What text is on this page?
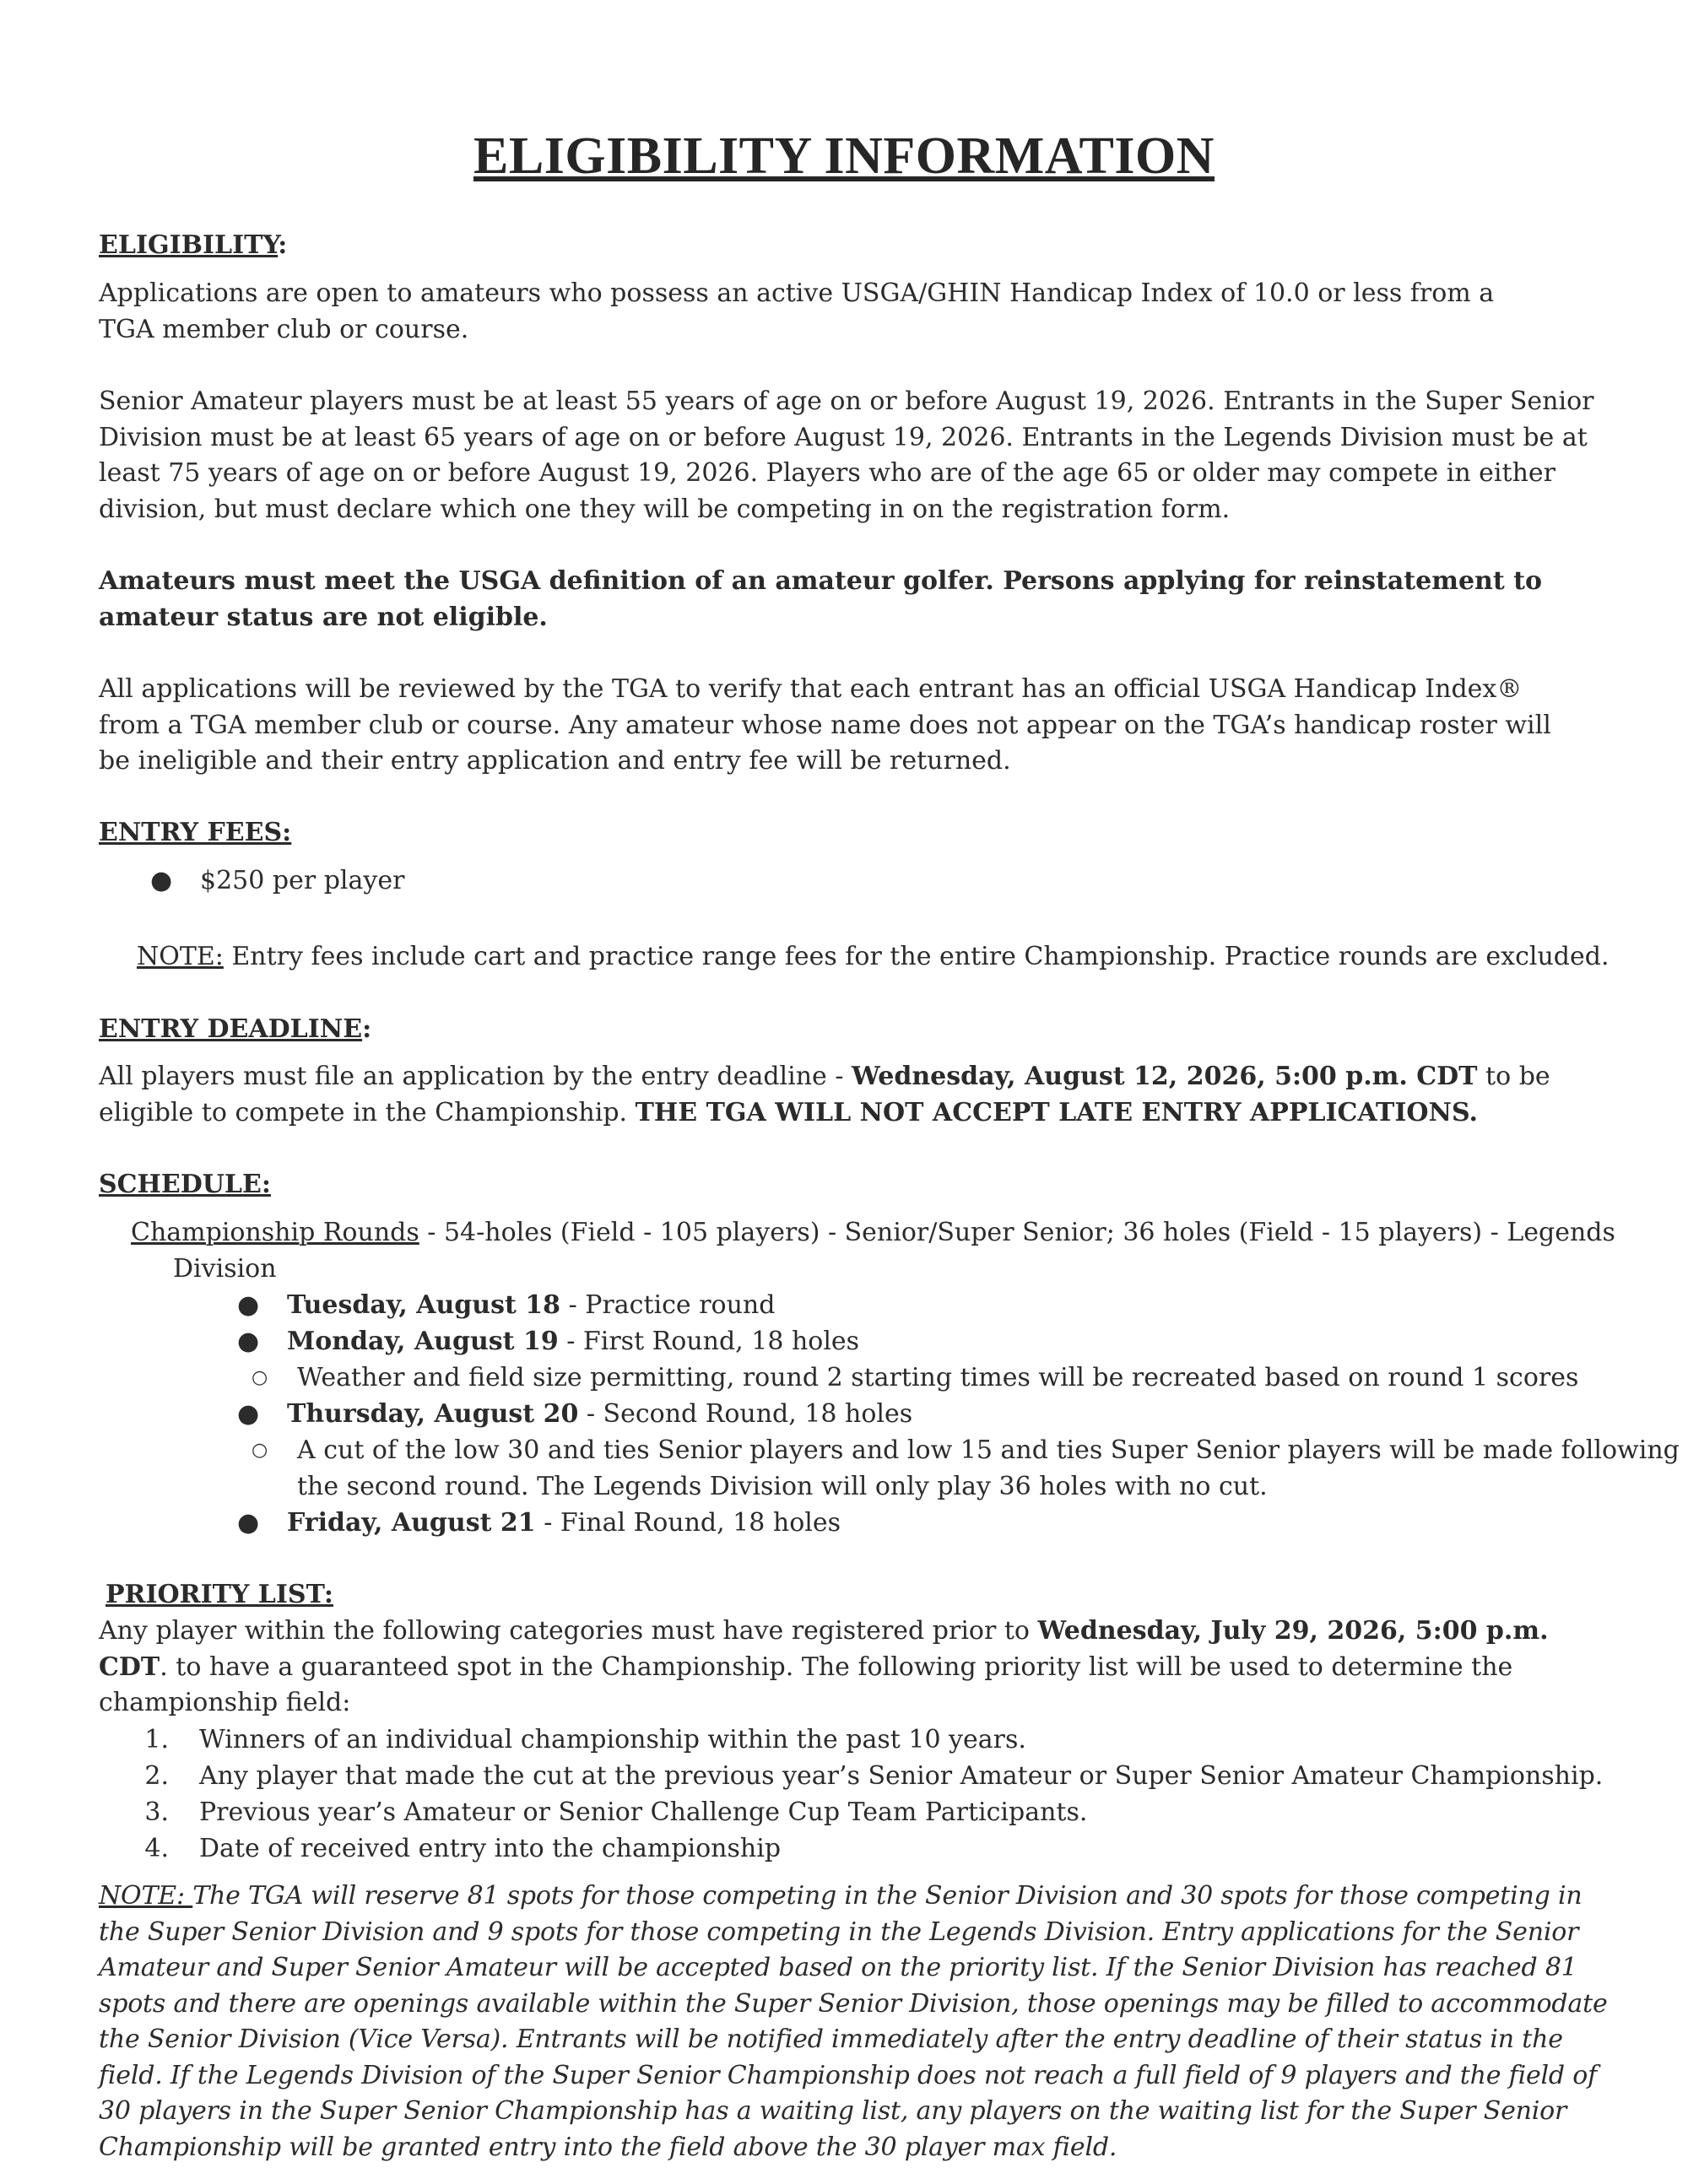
ELIGIBILITY INFORMATION
ELIGIBILITY:
Applications are open to amateurs who possess an active USGA/GHIN Handicap Index of 10.0 or less from a TGA member club or course.
Senior Amateur players must be at least 55 years of age on or before August 19, 2026. Entrants in the Super Senior Division must be at least 65 years of age on or before August 19, 2026. Entrants in the Legends Division must be at least 75 years of age on or before August 19, 2026. Players who are of the age 65 or older may compete in either division, but must declare which one they will be competing in on the registration form.
Amateurs must meet the USGA definition of an amateur golfer. Persons applying for reinstatement to amateur status are not eligible.
All applications will be reviewed by the TGA to verify that each entrant has an official USGA Handicap Index® from a TGA member club or course. Any amateur whose name does not appear on the TGA’s handicap roster will be ineligible and their entry application and entry fee will be returned.
ENTRY FEES:
● $250 per player
NOTE: Entry fees include cart and practice range fees for the entire Championship. Practice rounds are excluded.
ENTRY DEADLINE:
All players must file an application by the entry deadline - Wednesday, August 12, 2026, 5:00 p.m. CDT to be eligible to compete in the Championship. THE TGA WILL NOT ACCEPT LATE ENTRY APPLICATIONS.
SCHEDULE:
Championship Rounds - 54-holes (Field - 105 players) - Senior/Super Senior; 36 holes (Field - 15 players) - Legends
Division
● Tuesday, August 18 - Practice round
● Monday, August 19 - First Round, 18 holes
○ Weather and field size permitting, round 2 starting times will be recreated based on round 1 scores
● Thursday, August 20 - Second Round, 18 holes
○ A cut of the low 30 and ties Senior players and low 15 and ties Super Senior players will be made following
the second round. The Legends Division will only play 36 holes with no cut.
● Friday, August 21 - Final Round, 18 holes
PRIORITY LIST:
Any player within the following categories must have registered prior to Wednesday, July 29, 2026, 5:00 p.m. CDT. to have a guaranteed spot in the Championship. The following priority list will be used to determine the championship field:
1. Winners of an individual championship within the past 10 years.
2. Any player that made the cut at the previous year’s Senior Amateur or Super Senior Amateur Championship.
3. Previous year’s Amateur or Senior Challenge Cup Team Participants.
4. Date of received entry into the championship
NOTE: The TGA will reserve 81 spots for those competing in the Senior Division and 30 spots for those competing in the Super Senior Division and 9 spots for those competing in the Legends Division. Entry applications for the Senior Amateur and Super Senior Amateur will be accepted based on the priority list. If the Senior Division has reached 81 spots and there are openings available within the Super Senior Division, those openings may be filled to accommodate the Senior Division (Vice Versa). Entrants will be notified immediately after the entry deadline of their status in the field. If the Legends Division of the Super Senior Championship does not reach a full field of 9 players and the field of 30 players in the Super Senior Championship has a waiting list, any players on the waiting list for the Super Senior Championship will be granted entry into the field above the 30 player max field.
